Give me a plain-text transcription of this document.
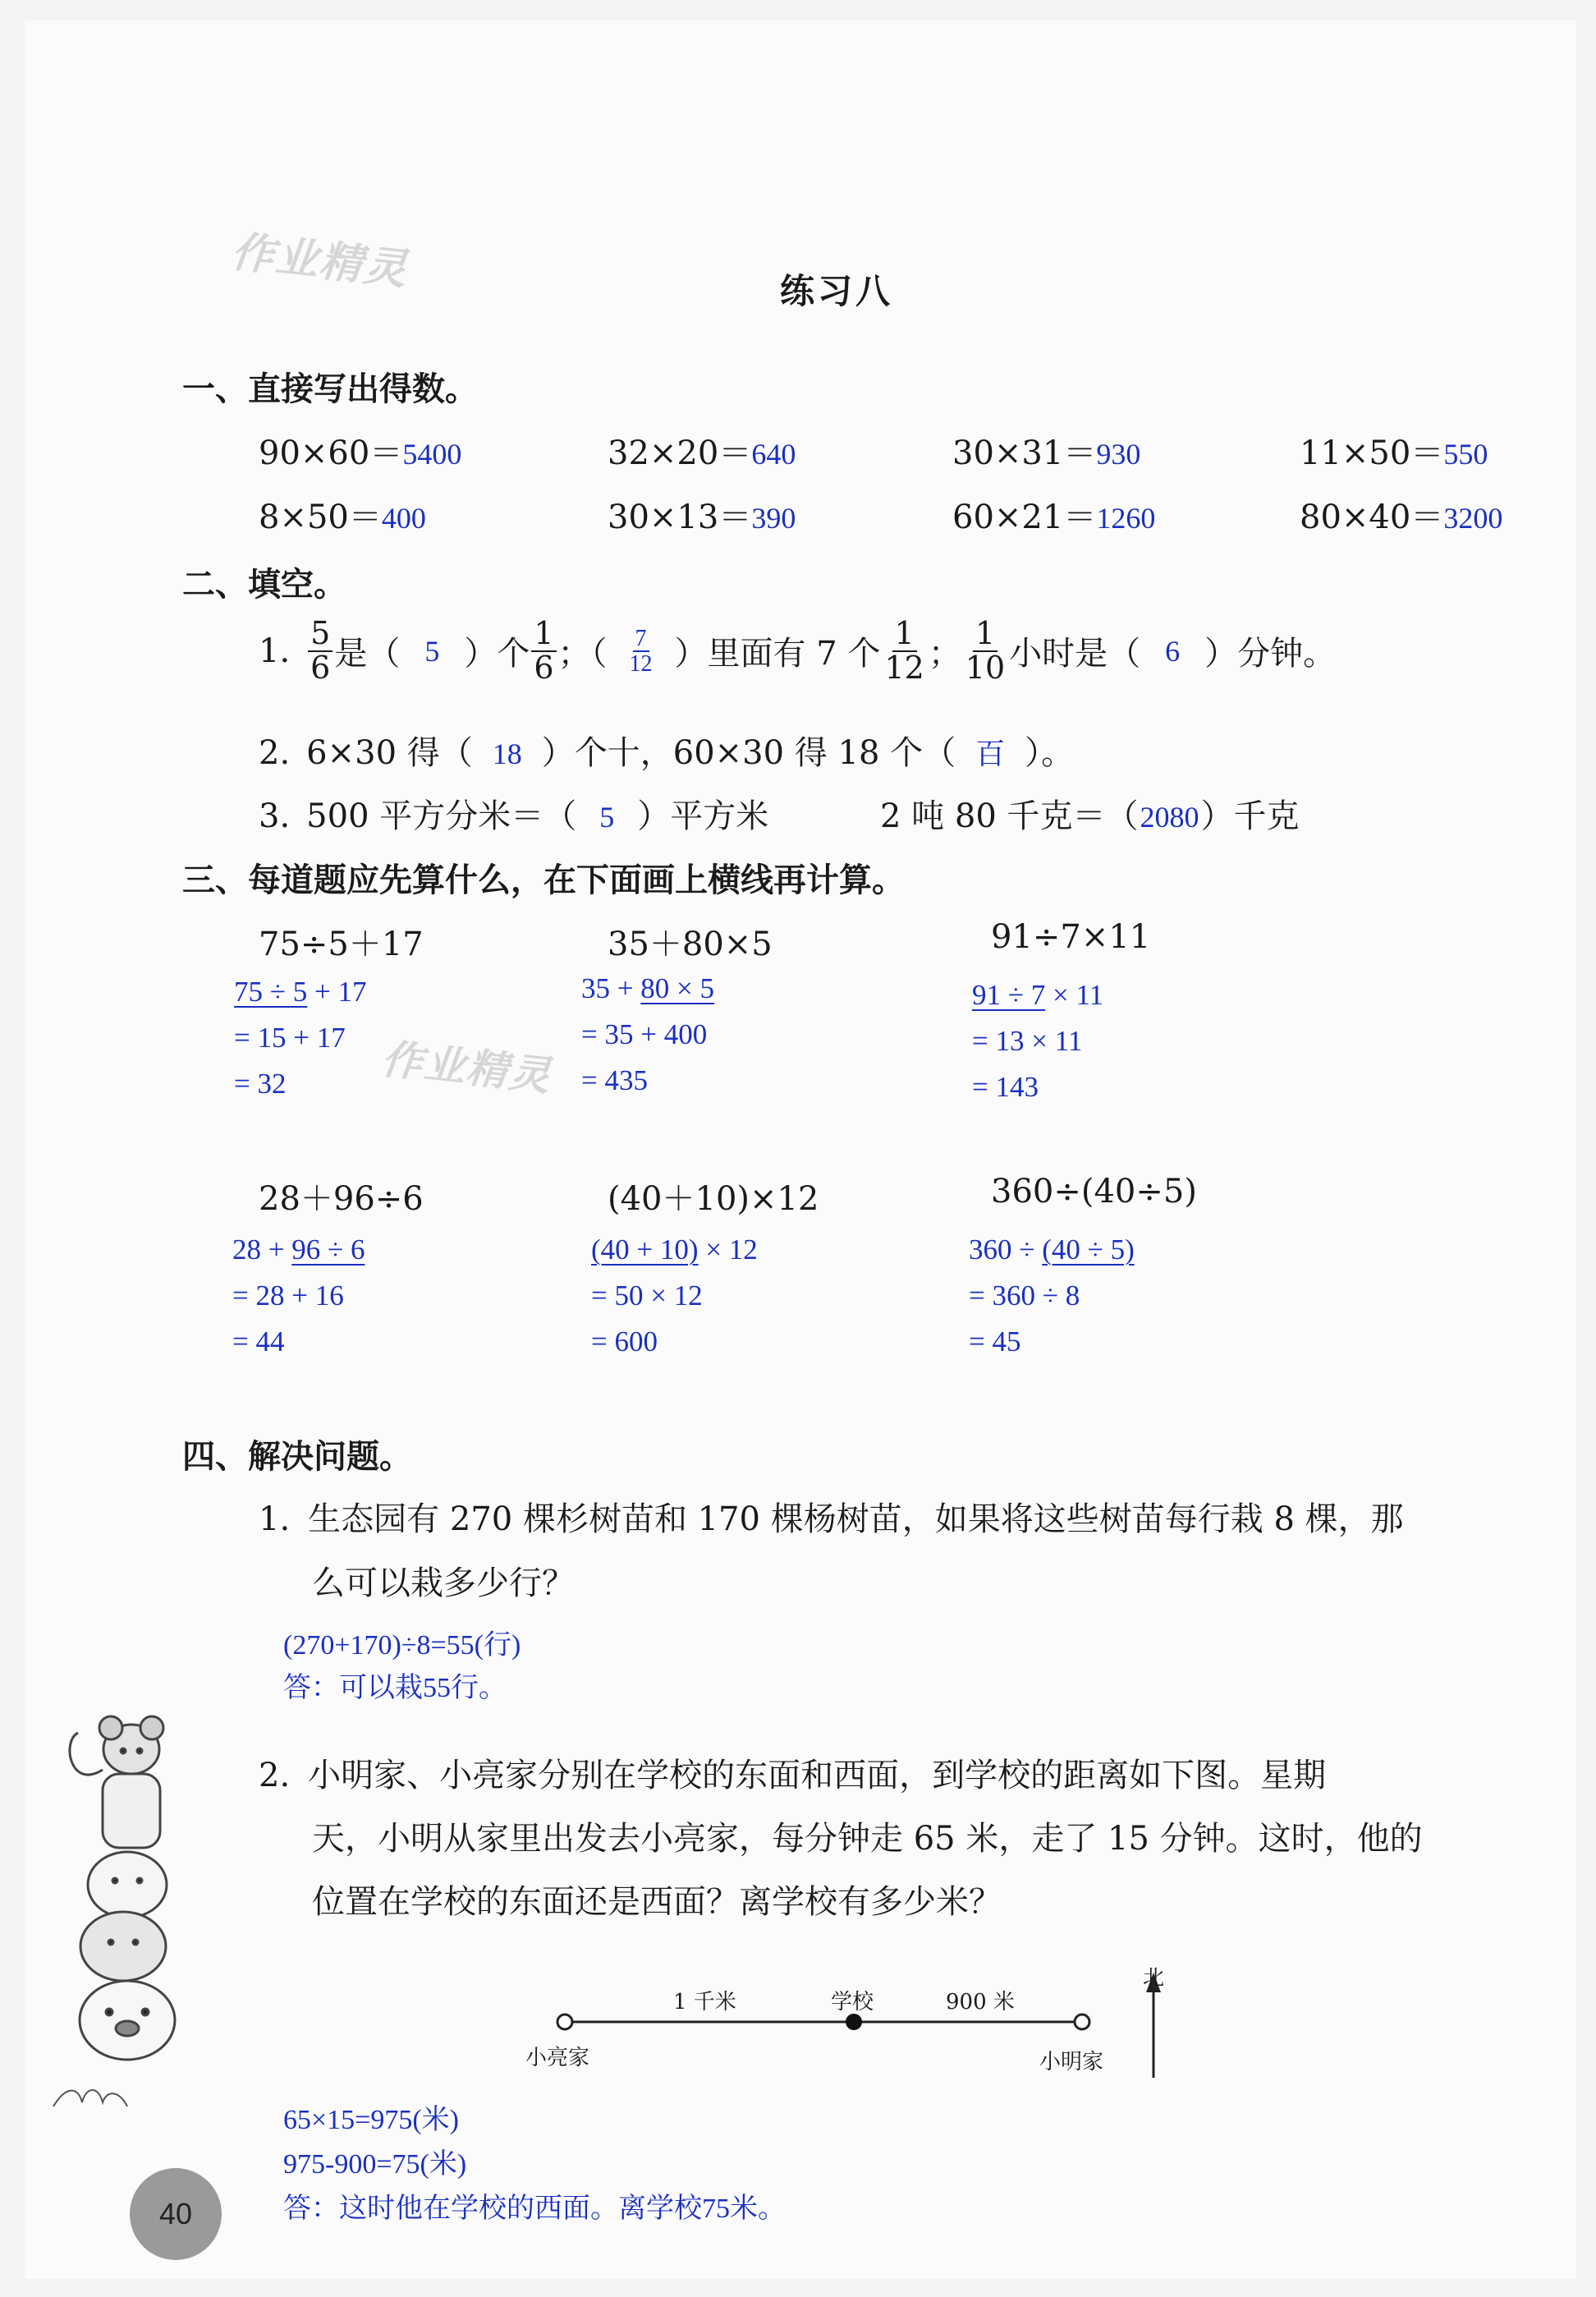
作业精灵
作业精灵
练习八
一、直接写出得数。
90×60＝5400	32×20＝640	30×31＝930	11×50＝550
8×50＝400	30×13＝390	60×21＝1260	80×40＝3200
二、填空。
1. $\frac{5}{6}$ 是（ 5 ）个 $\frac{1}{6}$ ；（ $\frac{7}{12}$ ）里面有 7 个 $\frac{1}{12}$ ； $\frac{1}{10}$ 小时是（ 6 ）分钟。
2. 6×30 得（ 18 ）个十，60×30 得 18 个（ 百 ）。
3. 500 平方分米＝（ 5 ）平方米	2 吨 80 千克＝（2080）千克
三、每道题应先算什么，在下面画上横线再计算。
75÷5＋17
75 ÷ 5 + 17
= 15 + 17
= 32
35＋80×5
35 + 80 × 5
= 35 + 400
= 435
91÷7×11
91 ÷ 7 × 11
= 13 × 11
= 143
28＋96÷6
28 + 96 ÷ 6
= 28 + 16
= 44
(40＋10)×12
(40 + 10) × 12
= 50 × 12
= 600
360÷(40÷5)
360 ÷ (40 ÷ 5)
= 360 ÷ 8
= 45
四、解决问题。
1. 生态园有 270 棵杉树苗和 170 棵杨树苗，如果将这些树苗每行栽 8 棵，那
么可以栽多少行？
(270+170)÷8=55(行)
答：可以栽55行。
2. 小明家、小亮家分别在学校的东面和西面，到学校的距离如下图。星期
天，小明从家里出发去小亮家，每分钟走 65 米，走了 15 分钟。这时，他的
位置在学校的东面还是西面？离学校有多少米？
1 千米	学校	900 米
小亮家	小明家
北
65×15=975(米)
975-900=75(米)
答：这时他在学校的西面。离学校75米。
40
